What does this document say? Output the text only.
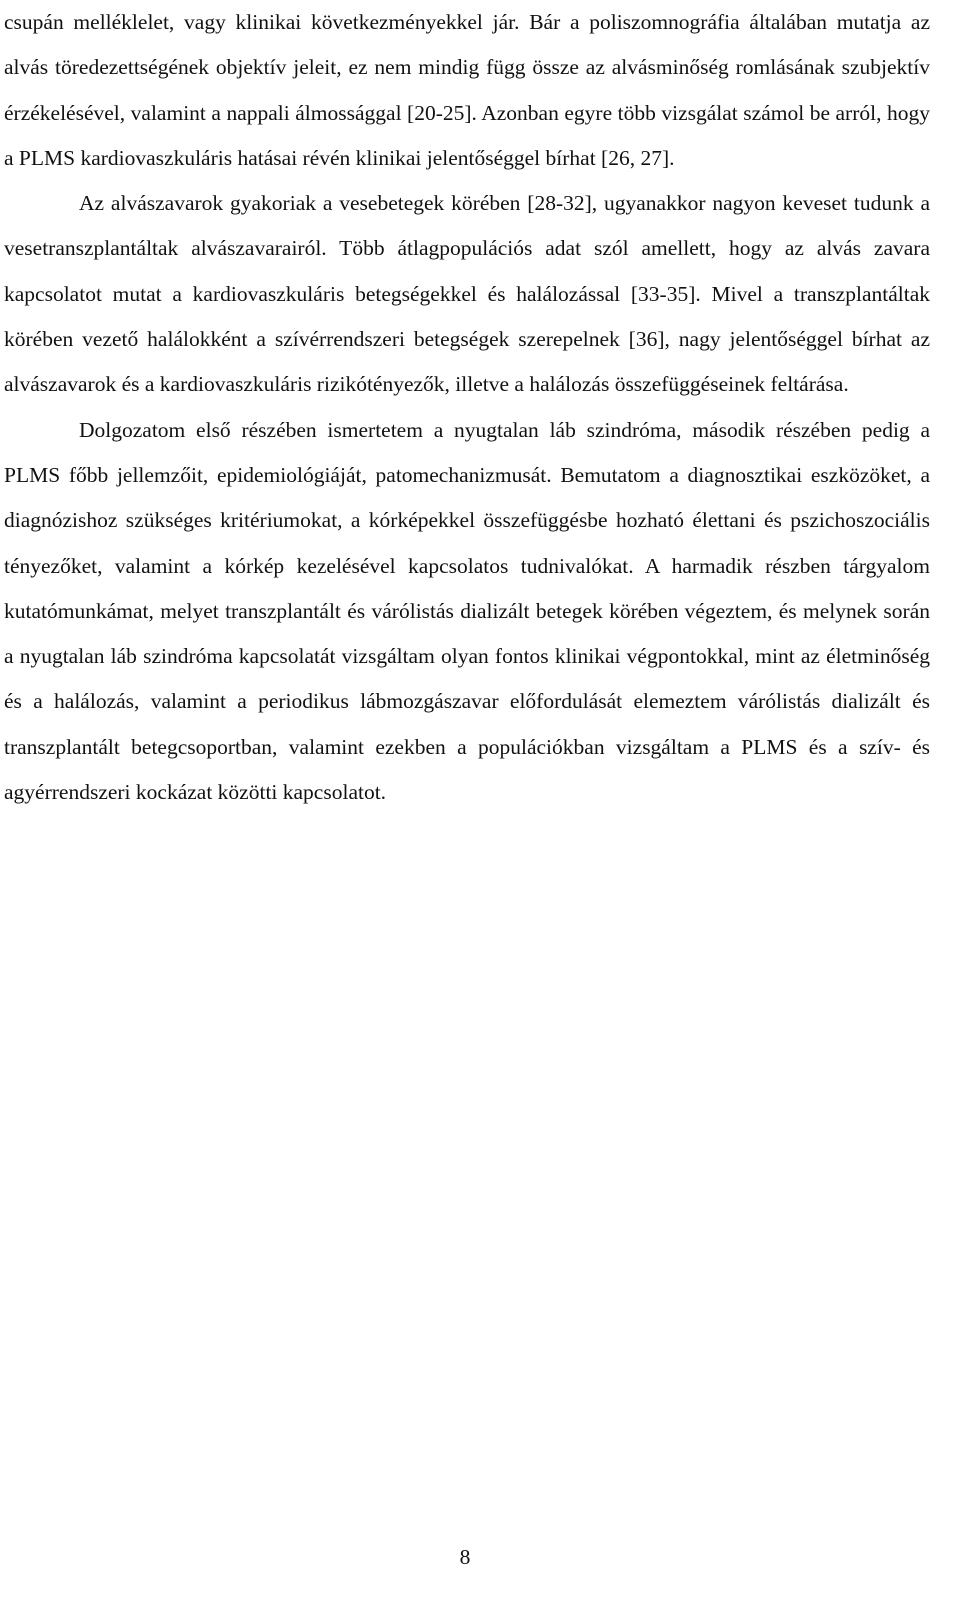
csupán melléklelet, vagy klinikai következményekkel jár. Bár a poliszomnográfia általában mutatja az alvás töredezettségének objektív jeleit, ez nem mindig függ össze az alvásminőség romlásának szubjektív érzékelésével, valamint a nappali álmossággal [20-25]. Azonban egyre több vizsgálat számol be arról, hogy a PLMS kardiovaszkuláris hatásai révén klinikai jelentőséggel bírhat [26, 27].

Az alvászavarok gyakoriak a vesebetegek körében [28-32], ugyanakkor nagyon keveset tudunk a vesetranszplantáltak alvászavarairól. Több átlagpopulációs adat szól amellett, hogy az alvás zavara kapcsolatot mutat a kardiovaszkuláris betegségekkel és halálozással [33-35]. Mivel a transzplantáltak körében vezető halálokként a szívérrendszeri betegségek szerepelnek [36], nagy jelentőséggel bírhat az alvászavarok és a kardiovaszkuláris rizikótényezők, illetve a halálozás összefüggéseinek feltárása.

Dolgozatom első részében ismertetem a nyugtalan láb szindróma, második részében pedig a PLMS főbb jellemzőit, epidemiológiáját, patomechanizmusát. Bemutatom a diagnosztikai eszközöket, a diagnózishoz szükséges kritériumokat, a kórképekkel összefüggésbe hozható élettani és pszichoszociális tényezőket, valamint a kórkép kezelésével kapcsolatos tudnivalókat. A harmadik részben tárgyalom kutatómunkámat, melyet transzplantált és várólistás dializált betegek körében végeztem, és melynek során a nyugtalan láb szindróma kapcsolatát vizsgáltam olyan fontos klinikai végpontokkal, mint az életminőség és a halálozás, valamint a periodikus lábmozgászavar előfordulását elemeztem várólistás dializált és transzplantált betegcsoportban, valamint ezekben a populációkban vizsgáltam a PLMS és a szív- és agyérrendszeri kockázat közötti kapcsolatot.

8
